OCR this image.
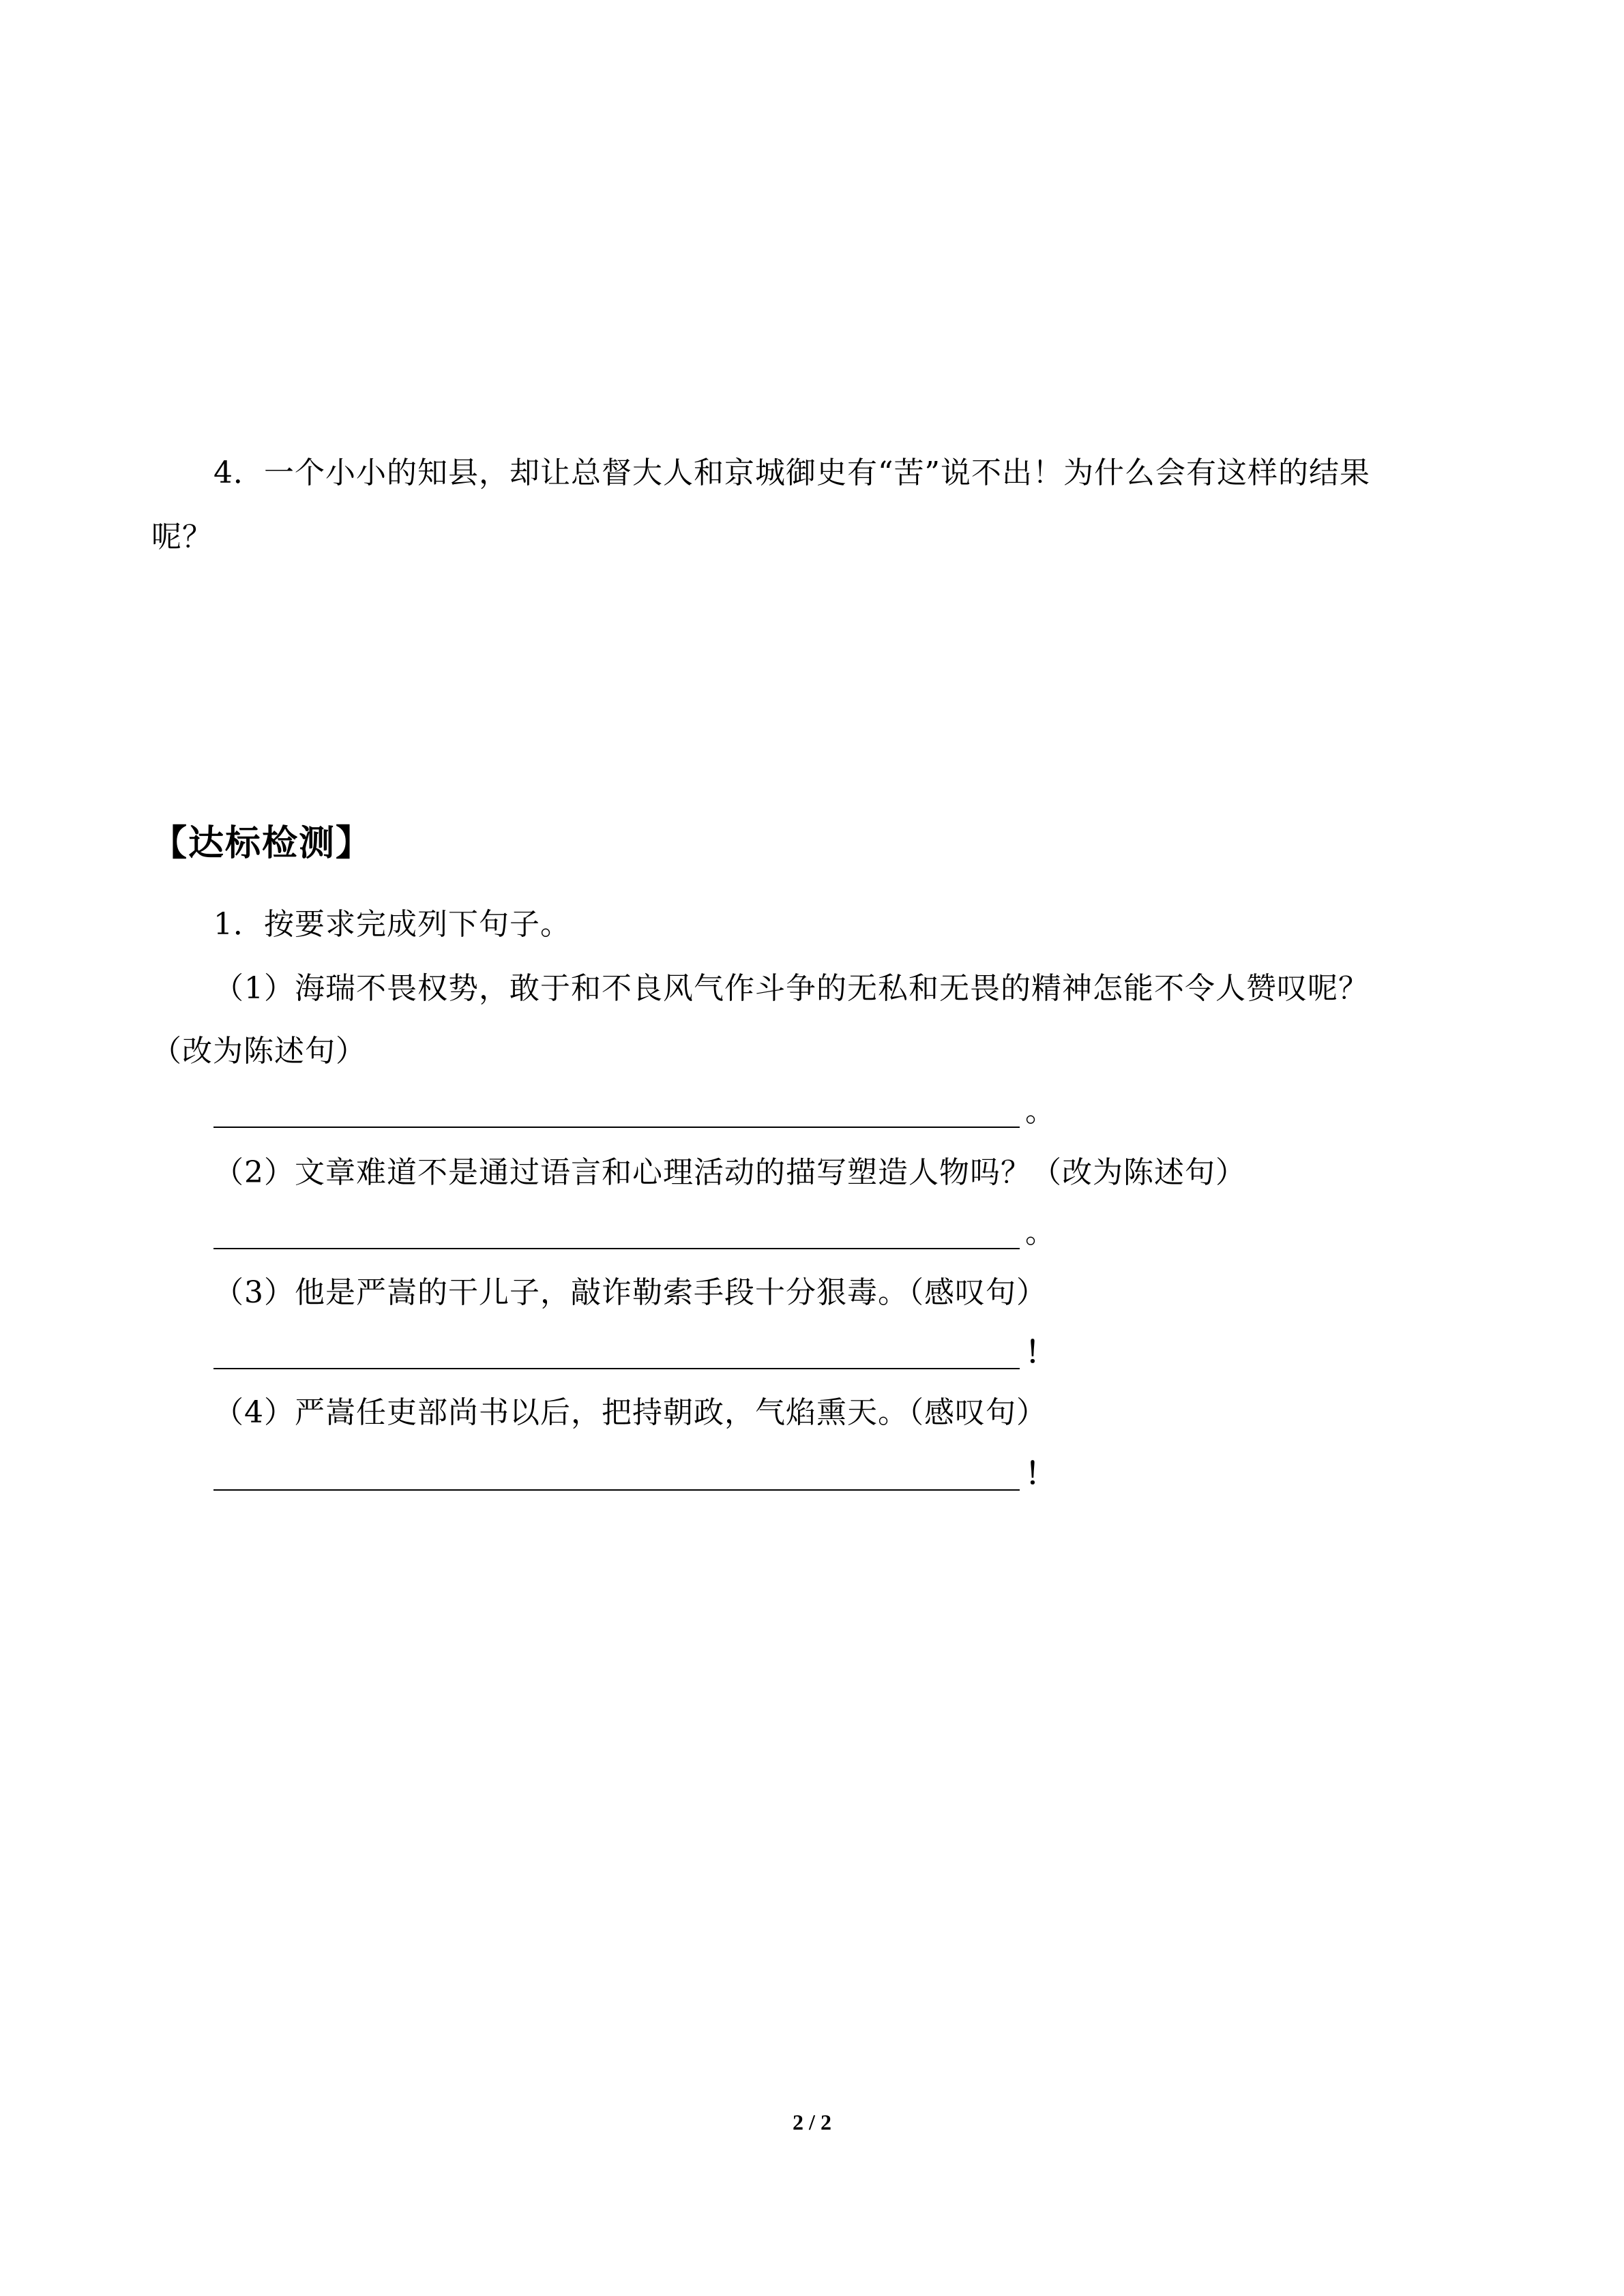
4．一个小小的知县，却让总督大人和京城御史有“苦”说不出！为什么会有这样的结果
呢？
【达标检测】
1．按要求完成列下句子。
（1）海瑞不畏权势，敢于和不良风气作斗争的无私和无畏的精神怎能不令人赞叹呢？
（改为陈述句）
。
（2）文章难道不是通过语言和心理活动的描写塑造人物吗？（改为陈述句）
。
（3）他是严嵩的干儿子，敲诈勒索手段十分狠毒。（感叹句）
！
（4）严嵩任吏部尚书以后，把持朝政，气焰熏天。（感叹句）
！
2 / 2
